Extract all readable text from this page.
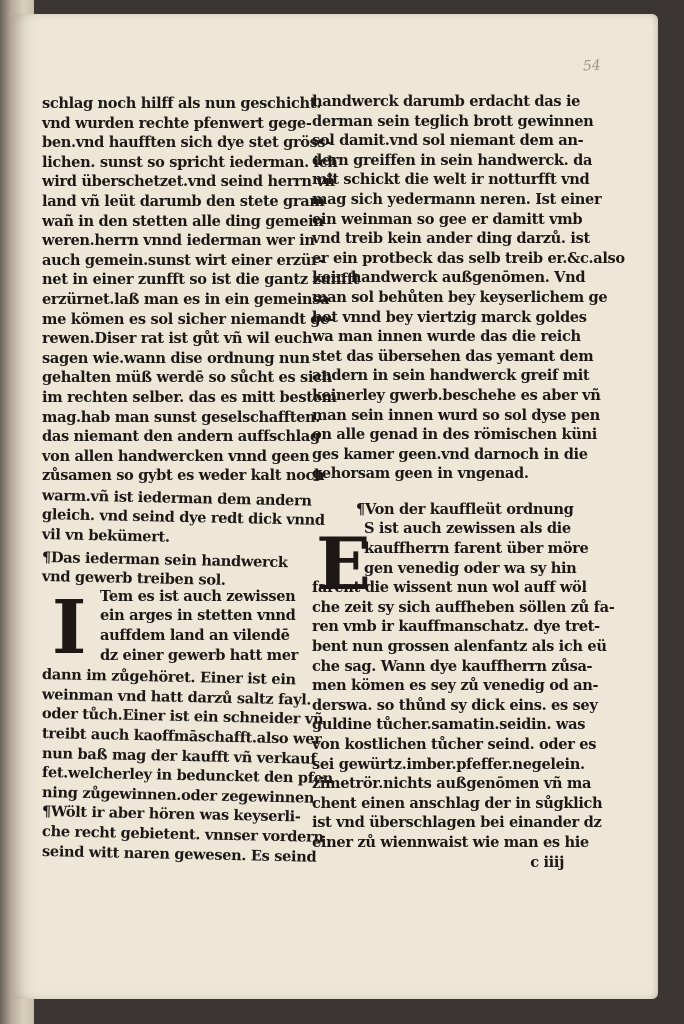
54
schlag noch hilff als nun geschicht.
vnd wurden rechte pfenwert gege-
ben.vnd haufften sich dye stet gröss-
lichen. sunst so spricht iederman. ich
wird überschetzet.vnd seind herrn vñ
land vñ leüt darumb den stete gram
wañ in den stetten alle ding gemein
weren.herrn vnnd iederman wer in
auch gemein.sunst wirt einer erzür-
net in einer zunfft so ist die gantz zunfft
erzürnet.laß man es in ein gemeinsa
me kömen es sol sicher niemandt ge-
rewen.Diser rat ist gůt vñ wil euch
sagen wie.wann dise ordnung nun
gehalten müß werdē so sůcht es sich
im rechten selber. das es mitt bestem
mag.hab man sunst geselschafften.
das niemant den andern auffschlag
von allen handwercken vnnd geen
zůsamen so gybt es weder kalt noch
warm.vñ ist iederman dem andern
gleich. vnd seind dye redt dick vnnd
vil vn bekümert.
¶Das iederman sein handwerck
vnd gewerb treiben sol.
I Tem es ist auch zewissen
ein arges in stetten vnnd
auffdem land an vilendē
dz einer gewerb hatt mer
dann im zůgehöret. Einer ist ein
weinman vnd hatt darzů saltz fayl.
oder tůch.Einer ist ein schneider vñ
treibt auch kaoffmāschafft.also wer
nun baß mag der kaufft vñ verkauf
fet.welcherley in beduncket den pfen
ning zůgewinnen.oder zegewinnen
¶Wölt ir aber hören was keyserli-
che recht gebietent. vnnser vordern
seind witt naren gewesen. Es seind
handwerck darumb erdacht das ie
derman sein teglich brott gewinnen
sol damit.vnd sol niemant dem an-
dern greiffen in sein handwerck. da
mit schickt die welt ir notturfft vnd
mag sich yedermann neren. Ist einer
ein weinman so gee er damitt vmb
vnd treib kein ander ding darzů. ist
er ein protbeck das selb treib er.&c.also
kein handwerck außgenōmen. Vnd
man sol behůten bey keyserlichem ge
bot vnnd bey viertzig marck goldes
wa man innen wurde das die reich
stet das übersehen das yemant dem
andern in sein handwerck greif mit
keinerley gwerb.beschehe es aber vñ
man sein innen wurd so sol dyse pen
on alle genad in des römischen küni
ges kamer geen.vnd darnoch in die
gehorsam geen in vngenad.
¶Von der kauffleüt ordnung
E
S ist auch zewissen als die
kauffherrn farent über möre
gen venedig oder wa sy hin
farent die wissent nun wol auff wöl
che zeit sy sich auffheben söllen zů fa-
ren vmb ir kauffmanschatz. dye tret-
bent nun grossen alenfantz als ich eü
che sag. Wann dye kauffherrn zůsa-
men kömen es sey zů venedig od an-
derswa. so thůnd sy dick eins. es sey
guldine tůcher.samatin.seidin. was
von kostlichen tůcher seind. oder es
sei gewürtz.imber.pfeffer.negelein.
zimetrör.nichts außgenōmen vñ ma
chent einen anschlag der in sůgklich
ist vnd überschlagen bei einander dz
einer zů wiennwaist wie man es hie
c iiij
